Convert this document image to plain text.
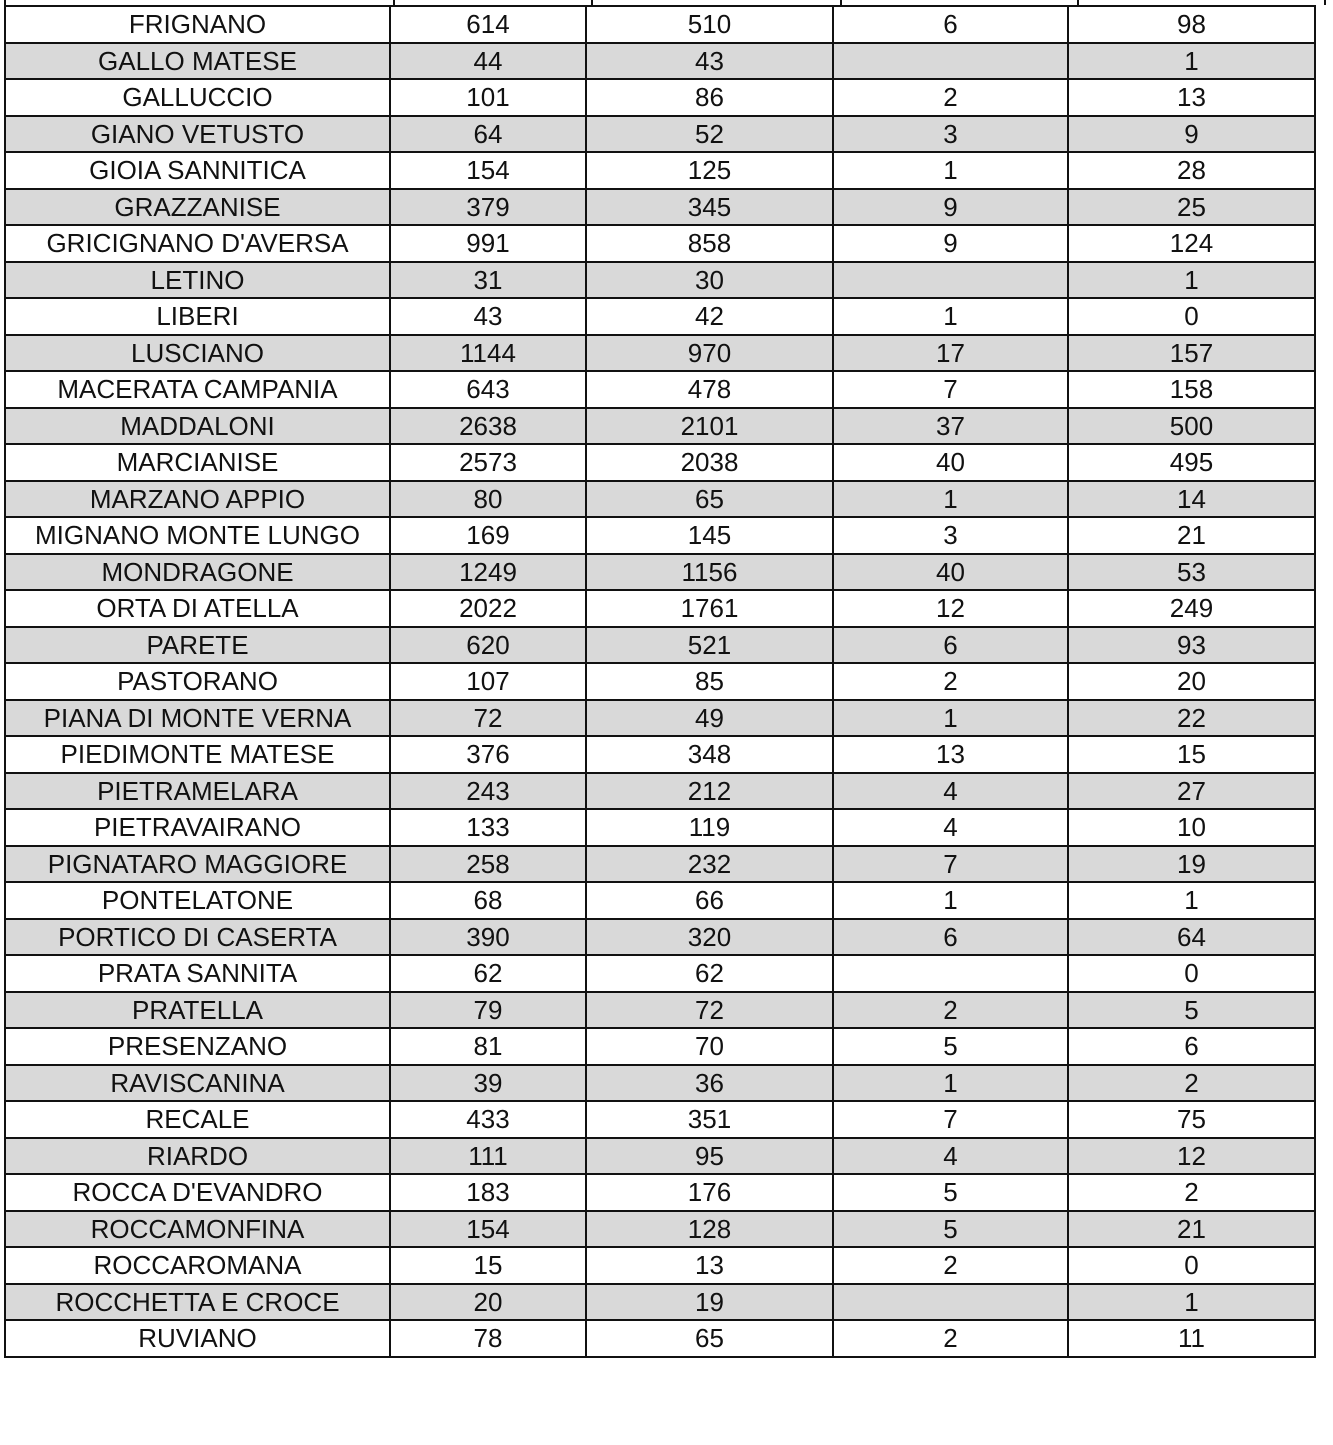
FRIGNANO	614	510	6	98
GALLO MATESE	44	43		1
GALLUCCIO	101	86	2	13
GIANO VETUSTO	64	52	3	9
GIOIA SANNITICA	154	125	1	28
GRAZZANISE	379	345	9	25
GRICIGNANO D'AVERSA	991	858	9	124
LETINO	31	30		1
LIBERI	43	42	1	0
LUSCIANO	1144	970	17	157
MACERATA CAMPANIA	643	478	7	158
MADDALONI	2638	2101	37	500
MARCIANISE	2573	2038	40	495
MARZANO APPIO	80	65	1	14
MIGNANO MONTE LUNGO	169	145	3	21
MONDRAGONE	1249	1156	40	53
ORTA DI ATELLA	2022	1761	12	249
PARETE	620	521	6	93
PASTORANO	107	85	2	20
PIANA DI MONTE VERNA	72	49	1	22
PIEDIMONTE MATESE	376	348	13	15
PIETRAMELARA	243	212	4	27
PIETRAVAIRANO	133	119	4	10
PIGNATARO MAGGIORE	258	232	7	19
PONTELATONE	68	66	1	1
PORTICO DI CASERTA	390	320	6	64
PRATA SANNITA	62	62		0
PRATELLA	79	72	2	5
PRESENZANO	81	70	5	6
RAVISCANINA	39	36	1	2
RECALE	433	351	7	75
RIARDO	111	95	4	12
ROCCA D'EVANDRO	183	176	5	2
ROCCAMONFINA	154	128	5	21
ROCCAROMANA	15	13	2	0
ROCCHETTA E CROCE	20	19		1
RUVIANO	78	65	2	11
